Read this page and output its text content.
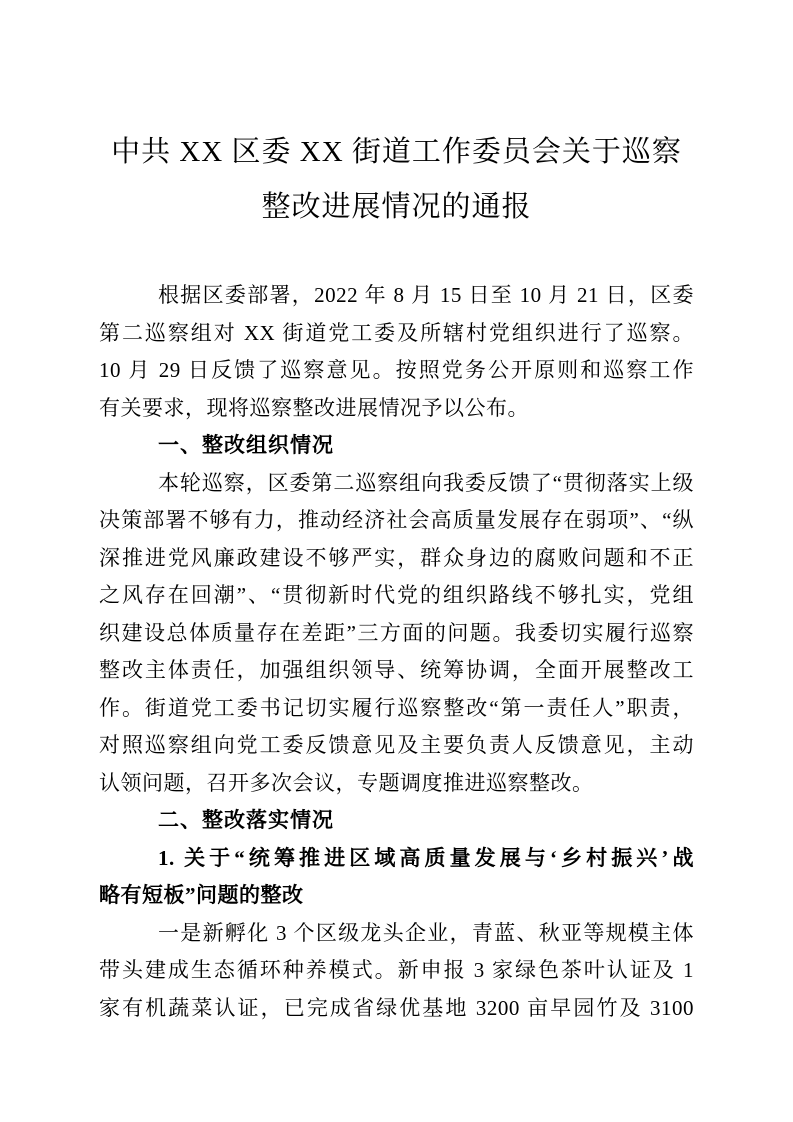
中共 XX 区委 XX 街道工作委员会关于巡察
整改进展情况的通报
根据区委部署，2022 年 8 月 15 日至 10 月 21 日，区委
第二巡察组对 XX 街道党工委及所辖村党组织进行了巡察。
10 月 29 日反馈了巡察意见。按照党务公开原则和巡察工作
有关要求，现将巡察整改进展情况予以公布。
一、整改组织情况
本轮巡察，区委第二巡察组向我委反馈了“贯彻落实上级
决策部署不够有力，推动经济社会高质量发展存在弱项”、“纵
深推进党风廉政建设不够严实，群众身边的腐败问题和不正
之风存在回潮”、“贯彻新时代党的组织路线不够扎实，党组
织建设总体质量存在差距”三方面的问题。我委切实履行巡察
整改主体责任，加强组织领导、统筹协调，全面开展整改工
作。街道党工委书记切实履行巡察整改“第一责任人”职责，
对照巡察组向党工委反馈意见及主要负责人反馈意见，主动
认领问题，召开多次会议，专题调度推进巡察整改。
二、整改落实情况
1. 关于“统筹推进区域高质量发展与‘乡村振兴’战
略有短板”问题的整改
一是新孵化 3 个区级龙头企业，青蓝、秋亚等规模主体
带头建成生态循环种养模式。新申报 3 家绿色茶叶认证及 1
家有机蔬菜认证，已完成省绿优基地 3200 亩早园竹及 3100
